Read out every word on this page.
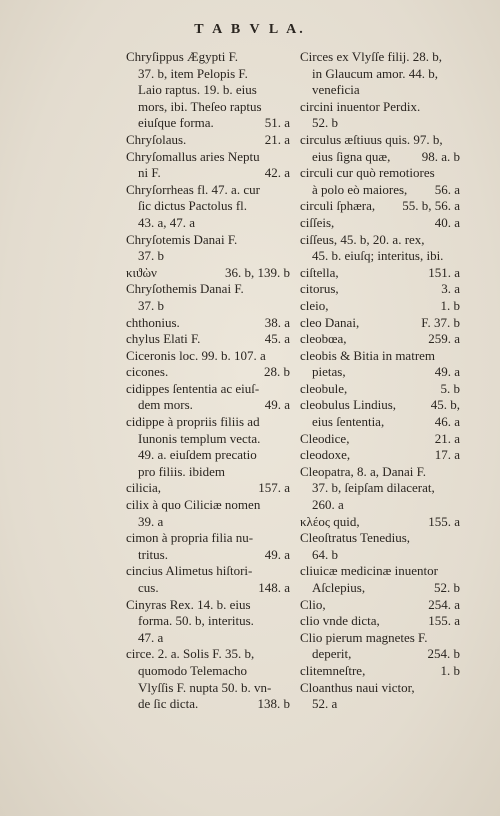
T A B V L A.
Chryſippus Ægypti F.
37. b, item Pelopis F.
Laio raptus. 19. b. eius
mors, ibi. Theſeo raptus
eiuſque forma.	51. a
Chryſolaus.	21. a
Chryſomallus aries Neptu
ni F.	42. a
Chryſorrheas fl. 47. a. cur
ſic dictus Pactolus fl.
43. a, 47. a
Chryſotemis Danai F.
37. b
κιϑὼν	36. b, 139. b
Chryſothemis Danai F.
37. b
chthonius.	38. a
chylus Elati F.	45. a
Ciceronis loc. 99. b. 107. a
cicones.	28. b
cidippes ſententia ac eiuſ-
dem mors.	49. a
cidippe à propriis filiis ad
Iunonis templum vecta.
49. a. eiuſdem precatio
pro filiis. ibidem
cilicia,	157. a
cilix à quo Ciliciæ nomen
39. a
cimon à propria filia nu-
tritus.	49. a
cincius Alimetus hiſtori-
cus.	148. a
Cinyras Rex. 14. b. eius
forma. 50. b, interitus.
47. a
circe. 2. a. Solis F. 35. b,
quomodo Telemacho
Vlyſſis F. nupta 50. b. vn-
de ſic dicta.	138. b
Circes ex Vlyſſe filij. 28. b,
in Glaucum amor. 44. b,
veneficia
circini inuentor Perdix.
52. b
circulus æſtiuus quis. 97. b,
eius ſigna quæ, 98. a. b
circuli cur quò remotiores
à polo eò maiores, 56. a
circuli ſphæra, 55. b, 56. a
ciſſeis,	40. a
ciſſeus, 45. b, 20. a. rex,
45. b. eiuſq; interitus, ibi.
ciſtella,	151. a
citorus,	3. a
cleio,	1. b
cleo Danai,	F. 37. b
cleobœa,	259. a
cleobis & Bitia in matrem
pietas,	49. a
cleobule,	5. b
cleobulus Lindius,	45. b,
eius ſententia,	46. a
Cleodice,	21. a
cleodoxe,	17. a
Cleopatra, 8. a, Danai F.
37. b, ſeipſam dilacerat,
260. a
κλέος quid,	155. a
Cleoſtratus Tenedius,
64. b
cliuicæ medicinæ inuentor
Aſclepius,	52. b
Clio,	254. a
clio vnde dicta,	155. a
Clio pierum magnetes F.
deperit,	254. b
clitemneſtre,	1. b
Cloanthus naui victor,
52. a
